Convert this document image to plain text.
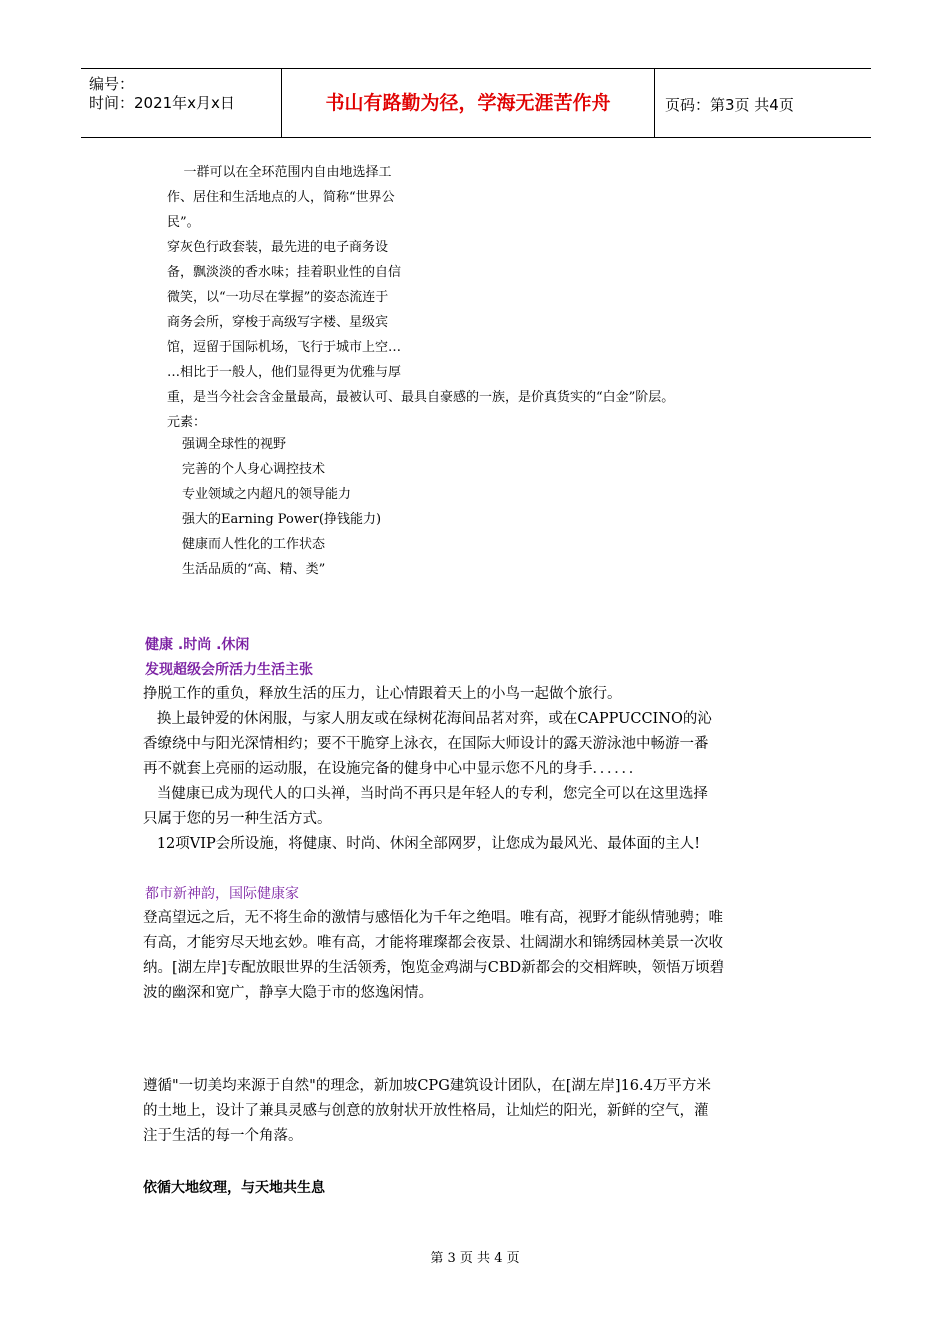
编号：
时间：2021年x月x日	书山有路勤为径，学海无涯苦作舟	页码：第3页 共4页
一群可以在全环范围内自由地选择工
作、居住和生活地点的人，简称“世界公
民”。
穿灰色行政套装，最先进的电子商务设
备，飘淡淡的香水味；挂着职业性的自信
微笑，以“一功尽在掌握”的姿态流连于
商务会所，穿梭于高级写字楼、星级宾
馆，逗留于国际机场，飞行于城市上空…
…相比于一般人，他们显得更为优雅与厚
重，是当今社会含金量最高，最被认可、最具自豪感的一族，是价真货实的“白金”阶层。
元素：
强调全球性的视野
完善的个人身心调控技术
专业领域之内超凡的领导能力
强大的Earning Power(挣钱能力)
健康而人性化的工作状态
生活品质的“高、精、类”
健康 .时尚 .休闲
发现超级会所活力生活主张
挣脱工作的重负，释放生活的压力，让心情跟着天上的小鸟一起做个旅行。
换上最钟爱的休闲服，与家人朋友或在绿树花海间品茗对弈，或在CAPPUCCINO的沁
香缭绕中与阳光深情相约；要不干脆穿上泳衣，在国际大师设计的露天游泳池中畅游一番
再不就套上亮丽的运动服，在设施完备的健身中心中显示您不凡的身手．．．．．．
当健康已成为现代人的口头禅，当时尚不再只是年轻人的专利，您完全可以在这里选择
只属于您的另一种生活方式。
12项VIP会所设施，将健康、时尚、休闲全部网罗，让您成为最风光、最体面的主人!
都市新神韵，国际健康家
登高望远之后，无不将生命的激情与感悟化为千年之绝唱。唯有高，视野才能纵情驰骋；唯
有高，才能穷尽天地玄妙。唯有高，才能将璀璨都会夜景、壮阔湖水和锦绣园林美景一次收
纳。[湖左岸]专配放眼世界的生活领秀，饱览金鸡湖与CBD新都会的交相辉映，领悟万顷碧
波的幽深和宽广，静享大隐于市的悠逸闲情。
遵循"一切美均来源于自然"的理念，新加坡CPG建筑设计团队，在[湖左岸]16.4万平方米
的土地上，设计了兼具灵感与创意的放射状开放性格局，让灿烂的阳光，新鲜的空气，灌
注于生活的每一个角落。
依循大地纹理，与天地共生息
第 3 页 共 4 页
